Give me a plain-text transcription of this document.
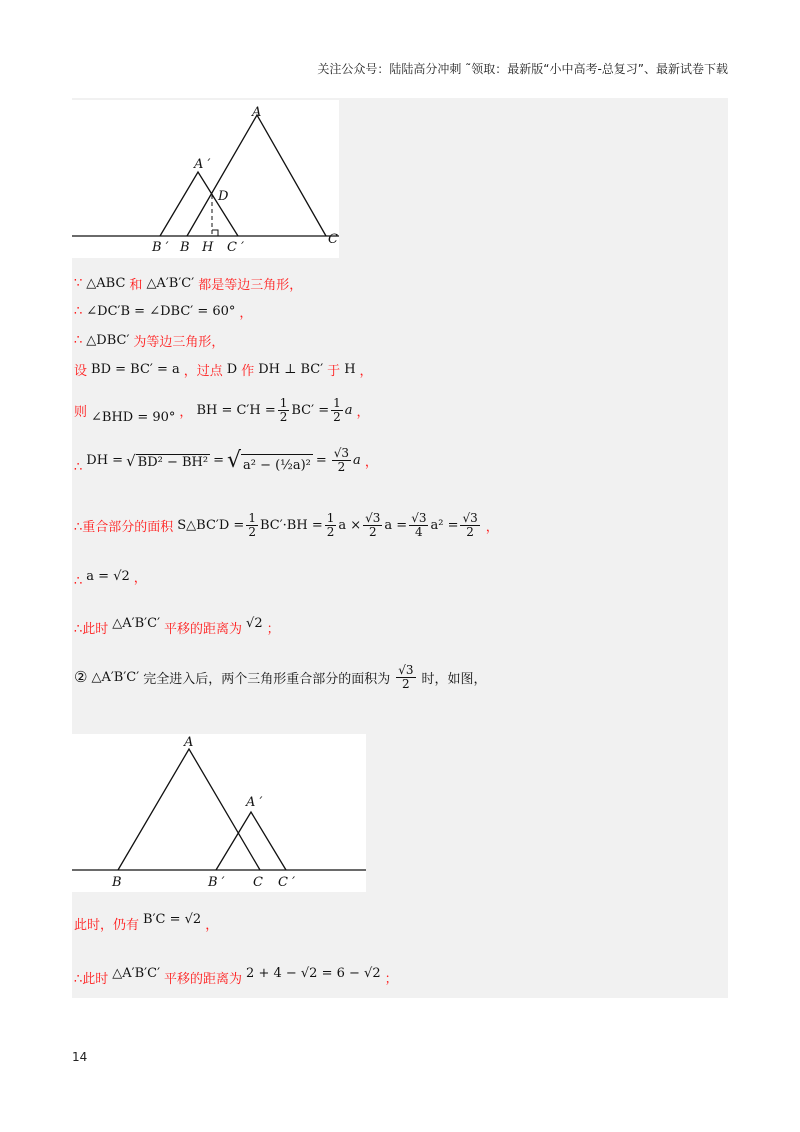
关注公众号：陆陆高分冲刺 ˜领取：最新版“小中高考-总复习”、最新试卷下载
A
A ′
D
B ′ B H C ′
C
∵ △ABC 和 △A′B′C′ 都是等边三角形，
∴ ∠DC′B = ∠DBC′ = 60° ，
∴ △DBC′ 为等边三角形，
设 BD = BC′ = a ，过点 D 作 DH ⊥ BC′ 于 H ，
则 ∠BHD = 90° ， BH = $C'H = \frac{1}{2} BC' = \frac{1}{2}$ a ，
∴ DH = √ BD² − BH² = √ a² − (½a)² = $\frac{√3}{2}$ a ，
∴重合部分的面积 S△BC′D = $\frac{1}{2} BC'\cdot BH = \frac{1}{2}$ $a \times \frac{√3}{2}$ $a = \frac{√3}{4} a^2 = \frac{√3}{2}$ ，
∴ a = √2 ，
∴此时 △A′B′C′ 平移的距离为 √2 ；
② △A′B′C′ 完全进入后，两个三角形重合部分的面积为 $\frac{√3}{2}$ 时，如图，
A
A ′
B	B ′ C C ′
此时，仍有 B′C = √2 ，
∴此时 △A′B′C′ 平移的距离为 2 + 4 − √2 = 6 − √2 ；
14
